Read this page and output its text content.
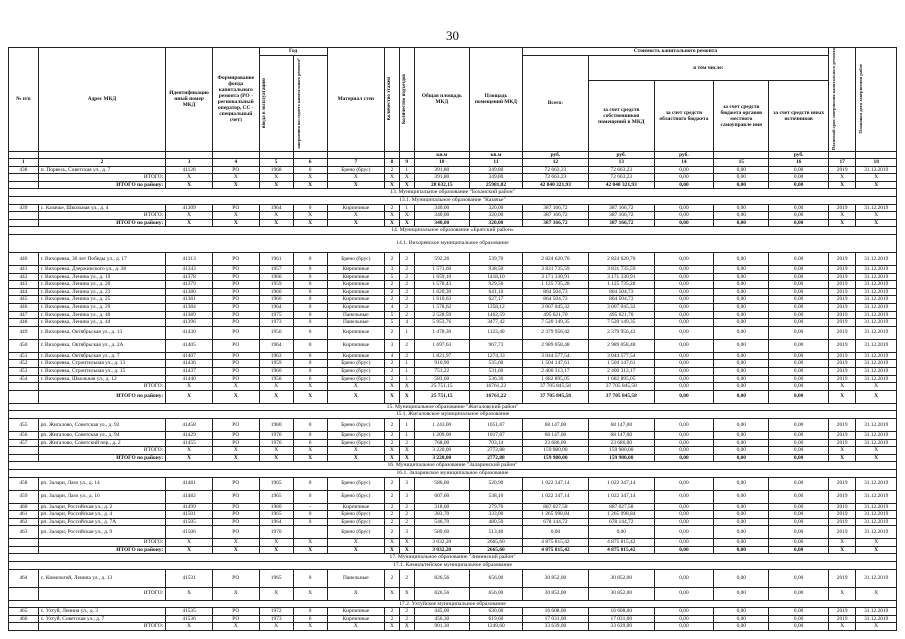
30
№ п/п	Адрес МКД	Идентификацио нный номер МКД	Формирование фонда капитального ремонта (РО - региональный оператор, СС - специальный счет)	Год		Материал стен	Количество этажей	Количество подъездов	Общая площадь МКД	Площадь помещений МКД	Стоимость капитального ремонта					Плановый срок завершения капитального ремонта	Плановая дата завершения работ

				ввода в эксплуатацию	завершения последнего капитального ремонта*						Всего:	в том числе:					
												за счет средств собственников помещений в МКД	за счет средств областного бюджета	за счет средств бюджета органов местного самоуправле ния	за счет средств иных источников		
									кв.м	кв.м	руб.	руб.	руб.		руб.		
1	2	3	4	5	6	7	8	9	10	11	12	13	14	15	16	17	18
438	п. Порвесь, Советская ул., д. 7	41128	РО	1968	0	Брено (брус)	2	1	391,80	349,80	72 663,23	72 663,23	0,00	0,00	0,00	2019	31.12.2019
	ИТОГО:	X	X	X	X	X	X	X	391,80	349,80	72 663,23	72 663,23	0,00	0,00	0,00	X	X
	ИТОГО по району:	X	X	X	X	X	X	X	28 632,15	25981,82	42 840 321,93	42 840 321,93	0,00	0,00	0,00	X	X
13. Муниципальное образование "Боханский район"																	
13.1. Муниципальное образование "Казачье"																	
439	с. Казачье, Школьная ул., д. 4	41309	РО	1964	0	Кирпичные	2	1	340,00	320,00	387 166,72	387 166,72	0,00	0,00	0,00	2019	31.12.2019
	ИТОГО:	X	X	X	X	X	X	X	340,00	320,00	387 166,72	387 166,72	0,00	0,00	0,00	X	X
	ИТОГО по району:	X	X	X	X	X	X	X	340,00	320,00	387 166,72	387 166,72	0,00	0,00	0,00	X	X
14. Муниципальное образование «Братский район»																	
14.1. Вихоревское муниципальное образование																	
440	г. Вихоревка, 30 лет Победы ул., д. 17	41313	РО	1961	0	Брено (брус)	2	2	592,26	539,70	2 824 620,70	2 824 620,70	0,00	0,00	0,00	2019	31.12.2019
441	г. Вихоревка, Дзержинского ул., д. 38	41343	РО	1957	0	Кирпичные	3	2	1 571,60	938,50	3 831 735,59	3 831 735,59	0,00	0,00	0,00	2019	31.12.2019
442	г. Вихоревка, Ленина ул., д. 19	41378	РО	1960	0	Кирпичные	5	2	1 659,10	1418,10	3 171 330,91	3 171 330,91	0,00	0,00	0,00	2019	31.12.2019
443	г. Вихоревка, Ленина ул., д. 20	41379	РО	1959	0	Кирпичные	2	2	1 578,43	929,56	1 125 735,28	1 125 735,28	0,00	0,00	0,00	2019	31.12.2019
444	г. Вихоревка, Ленина ул., д. 23	41380	РО	1960	0	Кирпичные	2	2	1 620,30	641,10	864 504,73	864 504,73	0,00	0,00	0,00	2019	31.12.2019
445	г. Вихоревка, Ленина ул., д. 25	41381	РО	1960	0	Кирпичные	2	2	1 610,63	627,17	864 504,73	864 504,73	0,00	0,00	0,00	2019	31.12.2019
446	г. Вихоревка, Ленина ул., д. 29	41384	РО	1964	0	Кирпичные	4	2	1 578,62	1358,12	3 007 045,32	3 007 045,32	0,00	0,00	0,00	2019	31.12.2019
447	г. Вихоревка, Ленина ул., д. 40	41389	РО	1975	0	Панельные	5	2	2 528,59	1462,59	495 621,70	495 621,70	0,00	0,00	0,00	2019	31.12.2019
448	г. Вихоревка, Ленина ул., д. 44	41396	РО	1973	0	Панельные	5	4	5 953,76	3477,42	7 520 149,35	7 520 149,35	0,00	0,00	0,00	2019	31.12.2019
449	г. Вихоревка, Октябрьская ул., д. 13	41430	РО	1956	0	Кирпичные	2	1	1 478,30	1123,40	2 379 956,42	2 379 956,42	0,00	0,00	0,00	2019	31.12.2019
450	г. Вихоревка, Октябрьская ул., д. 2А	41405	РО	1964	0	Кирпичные	3	2	1 697,63	967,73	2 989 058,48	2 989 058,48	0,00	0,00	0,00	2019	31.12.2019
451	г. Вихоревка, Октябрьская ул., д. 7	41407	РО	1963	0	Кирпичные	4	2	1 821,97	1274,33	3 044 577,54	3 044 577,54	0,00	0,00	0,00	2019	31.12.2019
452	г. Вихоревка, Строительная ул., д. 13	41436	РО	1959	0	Брено (брус)	2	1	916,90	535,60	1 504 147,61	1 504 147,61	0,00	0,00	0,00	2019	31.12.2019
453	г. Вихоревка, Строительная ул., д. 15	41437	РО	1960	0	Брено (брус)	2	1	751,22	531,60	2 400 313,17	2 400 313,17	0,00	0,00	0,00	2019	31.12.2019
454	г. Вихоревка, Школьная ул., д. 12	41440	РО	1958	0	Брено (брус)	2	1	583,60	536,30	1 682 895,05	1 682 895,05	0,00	0,00	0,00	2019	31.12.2019
	ИТОГО:	X	X	X	X	X	X	X	25 751,15	16761,22	37 705 845,58	37 705 845,58	0,00	0,00	0,00	X	X
	ИТОГО по району:	X	X	X	X	X	X	X	25 751,15	16761,22	37 705 845,58	37 705 845,58	0,00	0,00	0,00	X	X
15. Муниципальное образование "Жигаловский район"																	
15.1. Жигаловское муниципальное образование																	
455	рп. Жигалово, Советская ул., д. 92	41458	РО	1980	0	Брено (брус)	2	1	1 243,00	1051,87	68 147,00	68 147,00	0,00	0,00	0,00	2019	31.12.2019
456	рп. Жигалово, Советская ул., д. 94	41429	РО	1970	0	Брено (брус)	2	1	1 209,00	1017,87	68 147,00	68 147,00	0,00	0,00	0,00	2019	31.12.2019
457	рп. Жигалово, Советский пер., д. 2	41455	РО	1976	0	Брено (брус)	2	2	768,00	703,14	23 686,00	23 686,00	0,00	0,00	0,00	2019	31.12.2019
	ИТОГО:	X	X	X	X	X	X	X	3 220,00	2772,88	159 980,00	159 980,00	0,00	0,00	0,00	X	X
	ИТОГО по району:	X	X	X	X	X	X	X	3 220,00	2772,88	159 980,00	159 980,00	0,00	0,00	0,00	X	X
16. Муниципальное образование "Заларинский район"																	
16.1. Заларинское муниципальное образование																	
458	рп. Залари, Лазо ул., д. 14	41481	РО	1965	0	Брено (брус)	2	3	586,00	520,90	1 022 347,14	1 022 347,14	0,00	0,00	0,00	2019	31.12.2019
459	рп. Залари, Лазо ул., д. 16	41482	РО	1965	0	Брено (брус)	2	3	607,60	538,10	1 022 347,14	1 022 347,14	0,00	0,00	0,00	2019	31.12.2019
460	рп. Залари, Российская ул., д. 2	41499	РО	1980	-	Кирпичные	2	2	318,60	279,70	887 027,58	887 027,58	0,00	0,00	0,00	2019	31.12.2019
461	рп. Залари, Российская ул., д. 4	41501	РО	1965	0	Брено (брус)	2	2	383,70	333,00	1 265 998,84	1 265 998,84	0,00	0,00	0,00	2019	31.12.2019
462	рп. Залари, Российская ул., д. 7А	41505	РО	1964	0	Брено (брус)	2	2	546,70	480,50	678 144,72	678 144,72	0,00	0,00	0,00	2019	31.12.2019
463	рп. Залари, Российская ул., д. 9	41506	РО	1970		Брено (брус)	2	3	589,60	513,40	0,00	0,00	0,00	0,00	0,00	2019	31.12.2019
	ИТОГО:	X	X	X	X	X	X	X	3 032,20	2665,60	4 875 815,42	4 875 815,42	0,00	0,00	0,00	X	X
	ИТОГО по району:	X	X	X	X	X	X	X	3 032,20	2665,60	4 875 815,42	4 875 815,42	0,00	0,00	0,00	X	X
17. Муниципальное образование "Зиминский район"																	
17.1. Кимильтейское муниципальное образование																	
464	с. Кимильтей, Ленина ул., д. 13	41531	РО	1965	0	Панельные	2	2	826,56	656,00	30 852,00	30 852,00	0,00	0,00	0,00	2019	31.12.2019
	ИТОГО:	X	X	X	X	X	X	X	826,56	656,00	30 852,00	30 852,00	0,00	0,00	0,00	X	X
17.2. Ухтуйское муниципальное образование																	
465	с. Ухтуй, Ленина ул., д. 3	41535	РО	1972	0	Кирпичные	2	2	445,00	630,00	16 608,00	16 608,00	0,00	0,00	0,00	2019	31.12.2019
466	с. Ухтуй, Советская ул., д. 7	41536	РО	1973	0	Кирпичные	2	2	456,30	619,60	17 031,00	17 031,00	0,00	0,00	0,00	2019	31.12.2019
	ИТОГО:	X	X	X	X	X	X	X	901,30	1249,60	33 639,00	33 639,00	0,00	0,00	0,00	X	X
